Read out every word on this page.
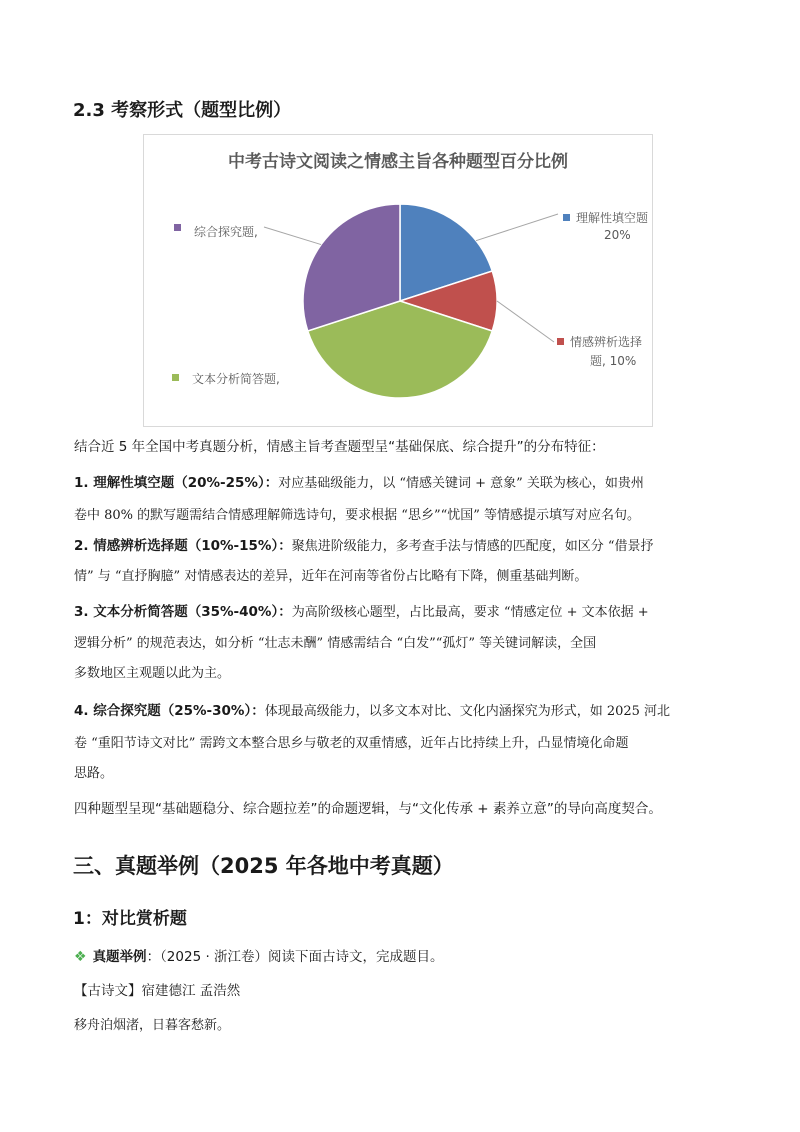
2.3 考察形式（题型比例）
中考古诗文阅读之情感主旨各种题型百分比例
理解性填空题
20%
情感辨析选择
题, 10%
文本分析简答题,
综合探究题,
结合近 5 年全国中考真题分析，情感主旨考查题型呈“基础保底、综合提升”的分布特征：
1. 理解性填空题（20%-25%）：对应基础级能力，以 “情感关键词 + 意象” 关联为核心，如贵州
卷中 80% 的默写题需结合情感理解筛选诗句，要求根据 “思乡”“忧国” 等情感提示填写对应名句。
2. 情感辨析选择题（10%-15%）：聚焦进阶级能力，多考查手法与情感的匹配度，如区分 “借景抒
情” 与 “直抒胸臆” 对情感表达的差异，近年在河南等省份占比略有下降，侧重基础判断。
3. 文本分析简答题（35%-40%）：为高阶级核心题型，占比最高，要求 “情感定位 + 文本依据 +
逻辑分析” 的规范表达，如分析 “壮志未酬” 情感需结合 “白发”“孤灯” 等关键词解读，全国
多数地区主观题以此为主。
4. 综合探究题（25%-30%）：体现最高级能力，以多文本对比、文化内涵探究为形式，如 2025 河北
卷 “重阳节诗文对比” 需跨文本整合思乡与敬老的双重情感，近年占比持续上升，凸显情境化命题
思路。
四种题型呈现“基础题稳分、综合题拉差”的命题逻辑，与“文化传承 + 素养立意”的导向高度契合。
三、真题举例（2025 年各地中考真题）
1：对比赏析题
❖ 真题举例：（2025 · 浙江卷）阅读下面古诗文，完成题目。
【古诗文】宿建德江 孟浩然
移舟泊烟渚，日暮客愁新。
